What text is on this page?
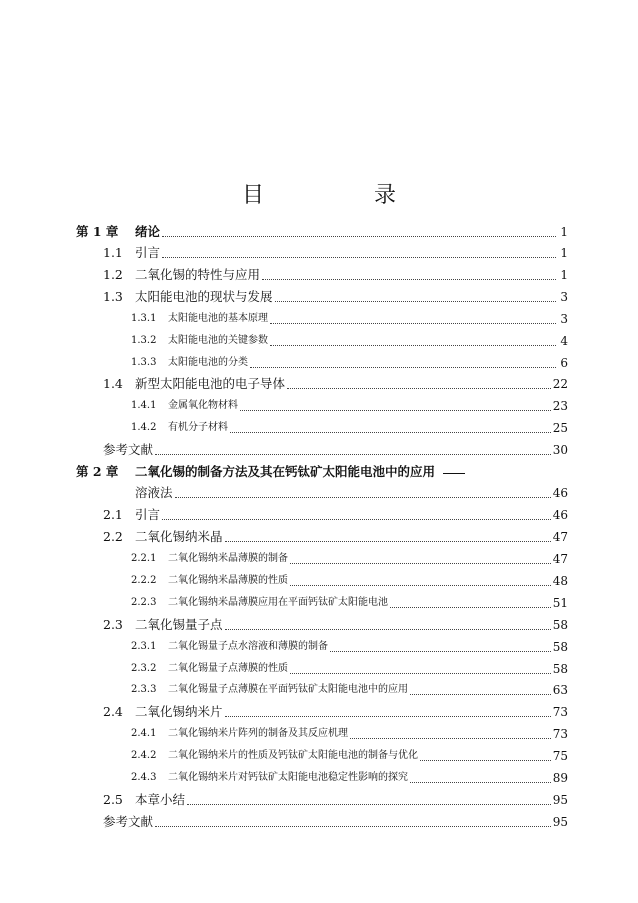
目　录
第 1 章	绪论	1
1.1 引言	1
1.2 二氧化锡的特性与应用	1
1.3 太阳能电池的现状与发展	3
1.3.1	太阳能电池的基本原理	3
1.3.2	太阳能电池的关键参数	4
1.3.3	太阳能电池的分类	6
1.4 新型太阳能电池的电子导体	22
1.4.1	金属氧化物材料	23
1.4.2	有机分子材料	25
参考文献	30
第 2 章	二氧化锡的制备方法及其在钙钛矿太阳能电池中的应用
溶液法	46
2.1 引言	46
2.2 二氧化锡纳米晶	47
2.2.1	二氧化锡纳米晶薄膜的制备	47
2.2.2	二氧化锡纳米晶薄膜的性质	48
2.2.3	二氧化锡纳米晶薄膜应用在平面钙钛矿太阳能电池	51
2.3 二氧化锡量子点	58
2.3.1	二氧化锡量子点水溶液和薄膜的制备	58
2.3.2	二氧化锡量子点薄膜的性质	58
2.3.3	二氧化锡量子点薄膜在平面钙钛矿太阳能电池中的应用	63
2.4 二氧化锡纳米片	73
2.4.1	二氧化锡纳米片阵列的制备及其反应机理	73
2.4.2	二氧化锡纳米片的性质及钙钛矿太阳能电池的制备与优化	75
2.4.3	二氧化锡纳米片对钙钛矿太阳能电池稳定性影响的探究	89
2.5 本章小结	95
参考文献	95
